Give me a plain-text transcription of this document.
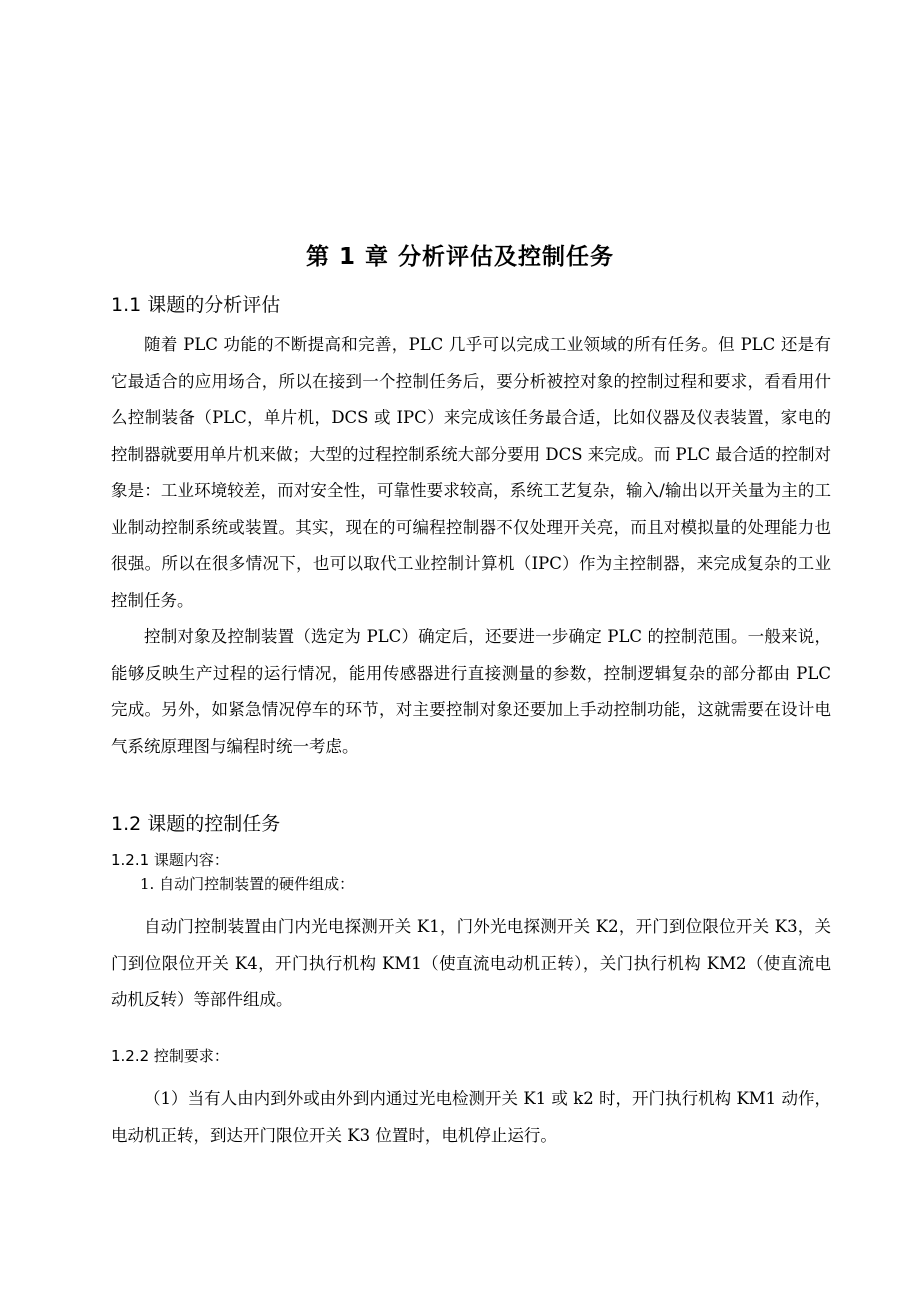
第 1 章 分析评估及控制任务
1.1 课题的分析评估

随着 PLC 功能的不断提高和完善，PLC 几乎可以完成工业领域的所有任务。但 PLC 还是有它最适合的应用场合，所以在接到一个控制任务后，要分析被控对象的控制过程和要求，看看用什么控制装备（PLC，单片机，DCS 或 IPC）来完成该任务最合适，比如仪器及仪表装置，家电的控制器就要用单片机来做；大型的过程控制系统大部分要用 DCS 来完成。而 PLC 最合适的控制对象是：工业环境较差，而对安全性，可靠性要求较高，系统工艺复杂，输入/输出以开关量为主的工业制动控制系统或装置。其实，现在的可编程控制器不仅处理开关亮，而且对模拟量的处理能力也很强。所以在很多情况下，也可以取代工业控制计算机（IPC）作为主控制器，来完成复杂的工业控制任务。

控制对象及控制装置（选定为 PLC）确定后，还要进一步确定 PLC 的控制范围。一般来说，能够反映生产过程的运行情况，能用传感器进行直接测量的参数，控制逻辑复杂的部分都由 PLC 完成。另外，如紧急情况停车的环节，对主要控制对象还要加上手动控制功能，这就需要在设计电气系统原理图与编程时统一考虑。

1.2 课题的控制任务
1.2.1 课题内容：
1. 自动门控制装置的硬件组成：

自动门控制装置由门内光电探测开关 K1，门外光电探测开关 K2，开门到位限位开关 K3，关门到位限位开关 K4，开门执行机构 KM1（使直流电动机正转），关门执行机构 KM2（使直流电动机反转）等部件组成。

1.2.2 控制要求：

（1）当有人由内到外或由外到内通过光电检测开关 K1 或 k2 时，开门执行机构 KM1 动作，电动机正转，到达开门限位开关 K3 位置时，电机停止运行。
